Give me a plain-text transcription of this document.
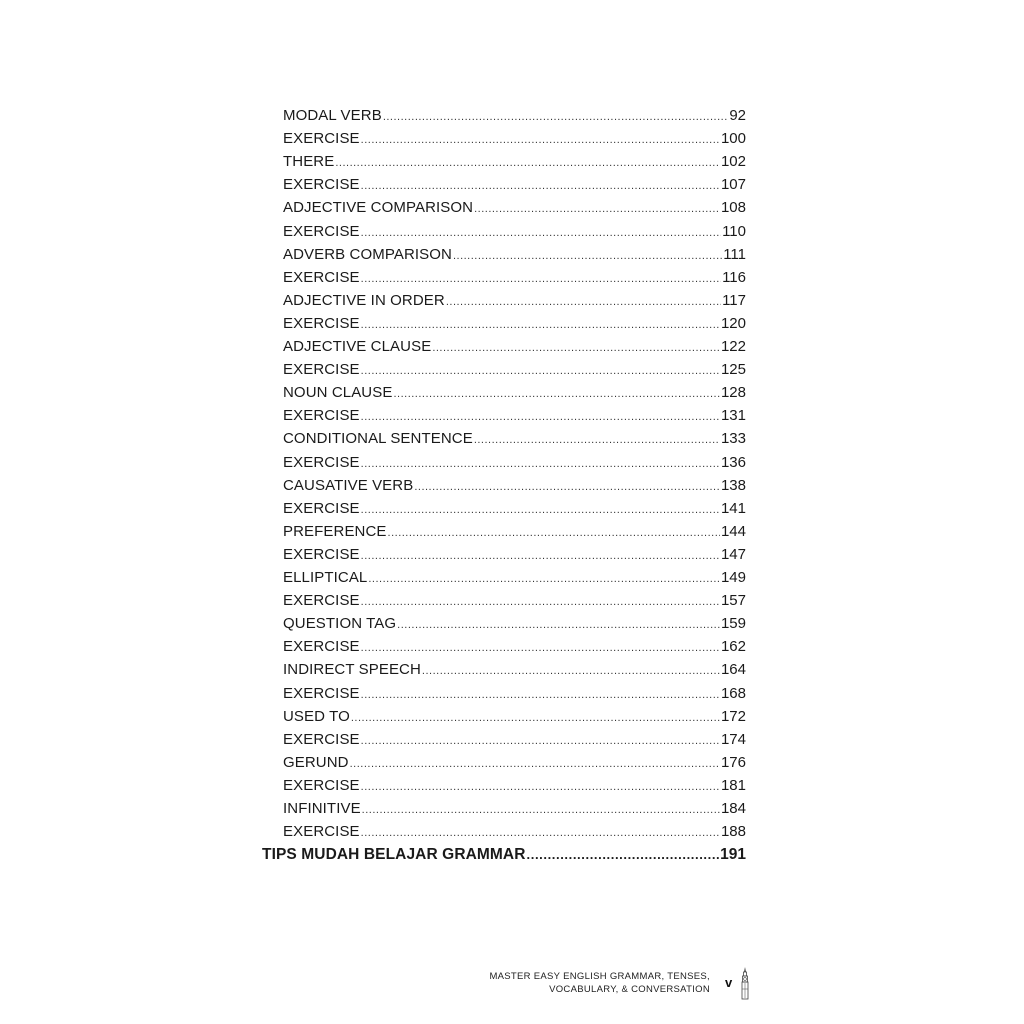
MODAL VERB .....	92
EXERCISE .....	100
THERE .....	102
EXERCISE .....	107
ADJECTIVE COMPARISON .....	108
EXERCISE .....	110
ADVERB COMPARISON .....	111
EXERCISE .....	116
ADJECTIVE IN ORDER .....	117
EXERCISE .....	120
ADJECTIVE CLAUSE .....	122
EXERCISE .....	125
NOUN CLAUSE .....	128
EXERCISE .....	131
CONDITIONAL SENTENCE .....	133
EXERCISE .....	136
CAUSATIVE VERB .....	138
EXERCISE .....	141
PREFERENCE .....	144
EXERCISE .....	147
ELLIPTICAL .....	149
EXERCISE .....	157
QUESTION TAG .....	159
EXERCISE .....	162
INDIRECT SPEECH .....	164
EXERCISE .....	168
USED TO .....	172
EXERCISE .....	174
GERUND .....	176
EXERCISE .....	181
INFINITIVE .....	184
EXERCISE .....	188
TIPS MUDAH BELAJAR GRAMMAR .....	191
MASTER EASY ENGLISH GRAMMAR, TENSES,
VOCABULARY, & CONVERSATION v
